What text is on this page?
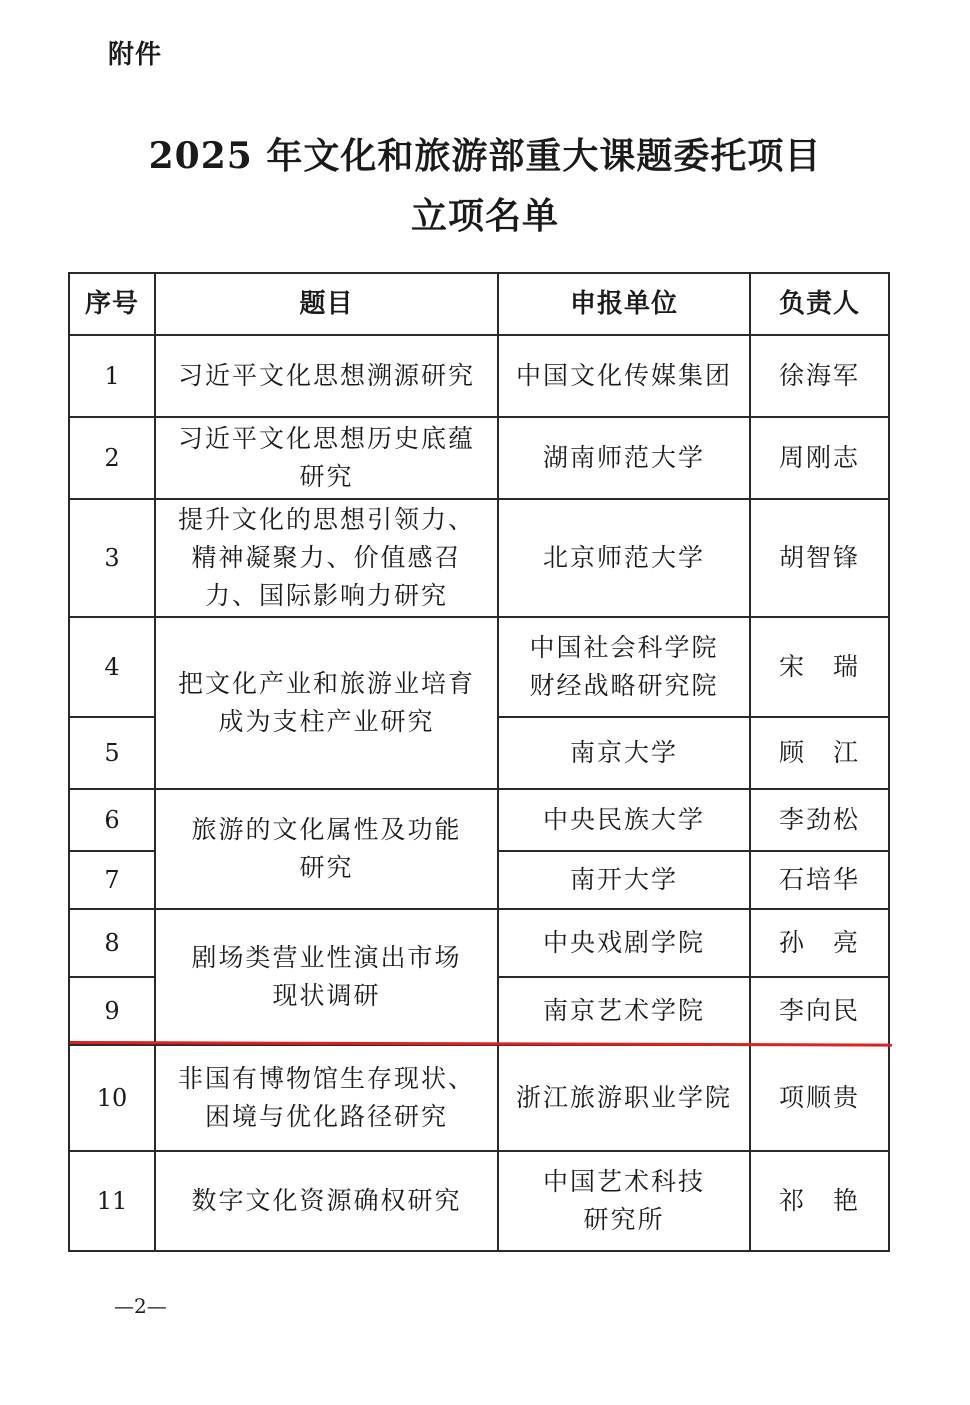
附件
2025 年文化和旅游部重大课题委托项目
立项名单
序号	题目	申报单位	负责人
1	习近平文化思想溯源研究	中国文化传媒集团	徐海军
2	习近平文化思想历史底蕴研究	湖南师范大学	周刚志
3	提升文化的思想引领力、精神凝聚力、价值感召力、国际影响力研究	北京师范大学	胡智锋
4	把文化产业和旅游业培育成为支柱产业研究	中国社会科学院财经战略研究院	宋　瑞
5		南京大学	顾　江
6	旅游的文化属性及功能研究	中央民族大学	李劲松
7		南开大学	石培华
8	剧场类营业性演出市场现状调研	中央戏剧学院	孙　亮
9		南京艺术学院	李向民
10	非国有博物馆生存现状、困境与优化路径研究	浙江旅游职业学院	项顺贵
11	数字文化资源确权研究	中国艺术科技研究所	祁　艳
—2—
